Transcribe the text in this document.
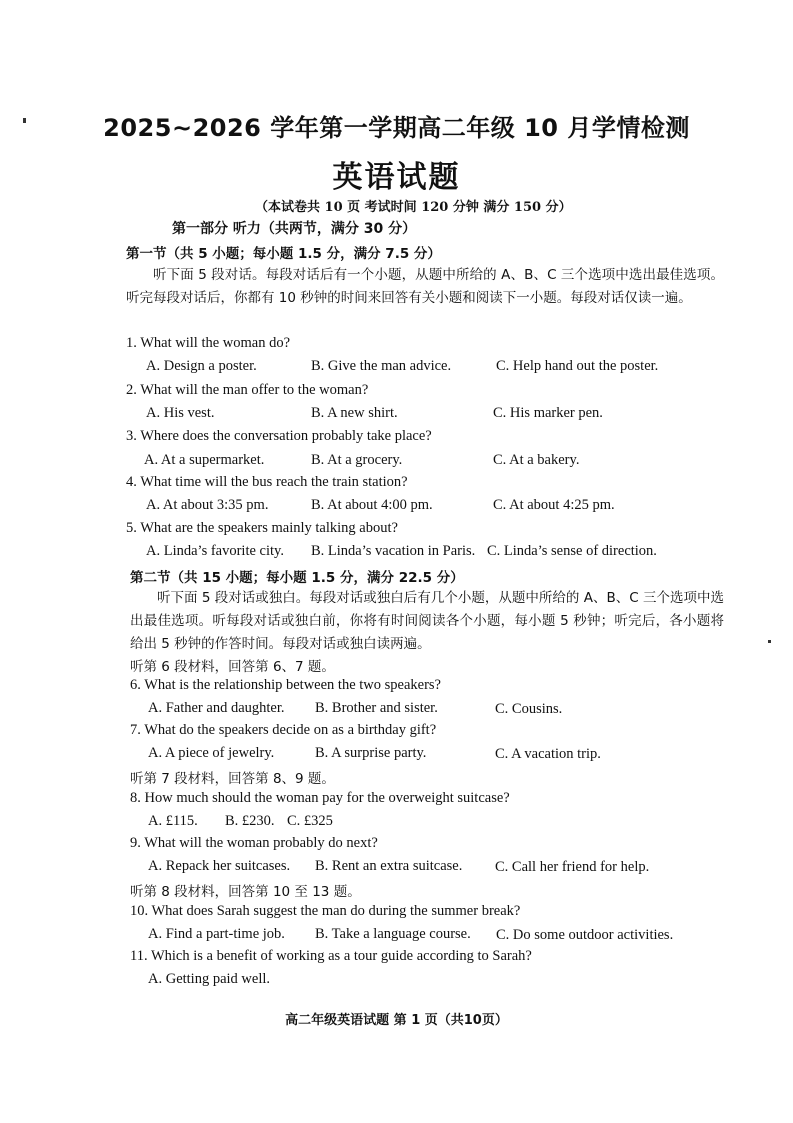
2025~2026 学年第一学期高二年级 10 月学情检测
英语试题
（本试卷共 10 页 考试时间 120 分钟 满分 150 分）
第一部分 听力（共两节，满分 30 分）
第一节（共 5 小题；每小题 1.5 分，满分 7.5 分）
听下面 5 段对话。每段对话后有一个小题，从题中所给的 A、B、C 三个选项中选出最佳选项。听完每段对话后，你都有 10 秒钟的时间来回答有关小题和阅读下一小题。每段对话仅读一遍。
1. What will the woman do?
A. Design a poster.	B. Give the man advice.	C. Help hand out the poster.
2. What will the man offer to the woman?
A. His vest.	B. A new shirt.	C. His marker pen.
3. Where does the conversation probably take place?
A. At a supermarket.	B. At a grocery.	C. At a bakery.
4. What time will the bus reach the train station?
A. At about 3:35 pm.	B. At about 4:00 pm.	C. At about 4:25 pm.
5. What are the speakers mainly talking about?
A. Linda’s favorite city. B. Linda’s vacation in Paris. C. Linda’s sense of direction.
第二节（共 15 小题；每小题 1.5 分，满分 22.5 分）
听下面 5 段对话或独白。每段对话或独白后有几个小题，从题中所给的 A、B、C 三个选项中选出最佳选项。听每段对话或独白前，你将有时间阅读各个小题，每小题 5 秒钟；听完后，各小题将给出 5 秒钟的作答时间。每段对话或独白读两遍。
听第 6 段材料，回答第 6、7 题。
6. What is the relationship between the two speakers?
A. Father and daughter. B. Brother and sister.	C. Cousins.
7. What do the speakers decide on as a birthday gift?
A. A piece of jewelry.	B. A surprise party.	C. A vacation trip.
听第 7 段材料，回答第 8、9 题。
8. How much should the woman pay for the overweight suitcase?
A. £115. B. £230. C. £325
9. What will the woman probably do next?
A. Repack her suitcases. B. Rent an extra suitcase. C. Call her friend for help.
听第 8 段材料，回答第 10 至 13 题。
10. What does Sarah suggest the man do during the summer break?
A. Find a part-time job. B. Take a language course. C. Do some outdoor activities.
11. Which is a benefit of working as a tour guide according to Sarah?
A. Getting paid well.
高二年级英语试题 第 1 页（共10页）
